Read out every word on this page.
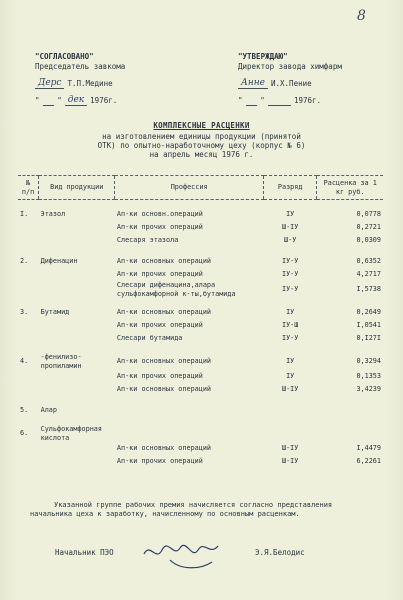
8
"СОГЛАСОВАНО"
Председатель завкома
Дерс Т.П.Медине
"
" дек 1976г.
"УТВЕРЖДАЮ"
Директор завода химфарм
Анне И.Х.Пение
"
"
	1976г.
КОМПЛЕКСНЫЕ РАСЦЕНКИ
на изготовлением единицы продукции (принятой
ОТК) по опытно-наработочному цеху (корпус № 6)
на апрель месяц 1976 г.
№ п/п	Вид продукции	Профессия	Разряд	Расценка за 1 кг руб.
I.	Этазол	Ап-ки основн.операций	IУ	0,0778
		Ап-ки прочих операций	Ш-IУ	0,2721
		Слесаря этазола	Ш-У	0,0309
2.	Дифенацин	Ап-ки основных операций	IУ-У	0,6352
		Ап-ки прочих операций	IУ-У	4,2717
		Слесари дифенацина,алара сульфокамфорной к-ты,бутамида	IУ-У	I,5738
3.	Бутамид	Ап-ки основных операций	IУ	0,2649
		Ап-ки прочих операций	IУ-Ш	I,0541
		Слесари бутамида	IУ-У	0,I27I
4.	-фенилизо-пропиламин	Ап-ки основных операций	IУ	0,3294
		Ап-ки прочих операций	IУ	0,1353
		Ап-ки основных операций	Ш-IУ	3,4239
5.	Алар			
6.	Сульфокамфорная кислота			
		Ап-ки основных операций	Ш-IУ	I,4479
		Ап-ки прочих операций	Ш-IУ	6,2261
Указанной группе рабочих премия начисляется согласно представления начальника цеха к заработку, начисленному по основным расценкам.
Начальник ПЭО	Э.Я.Белодис
